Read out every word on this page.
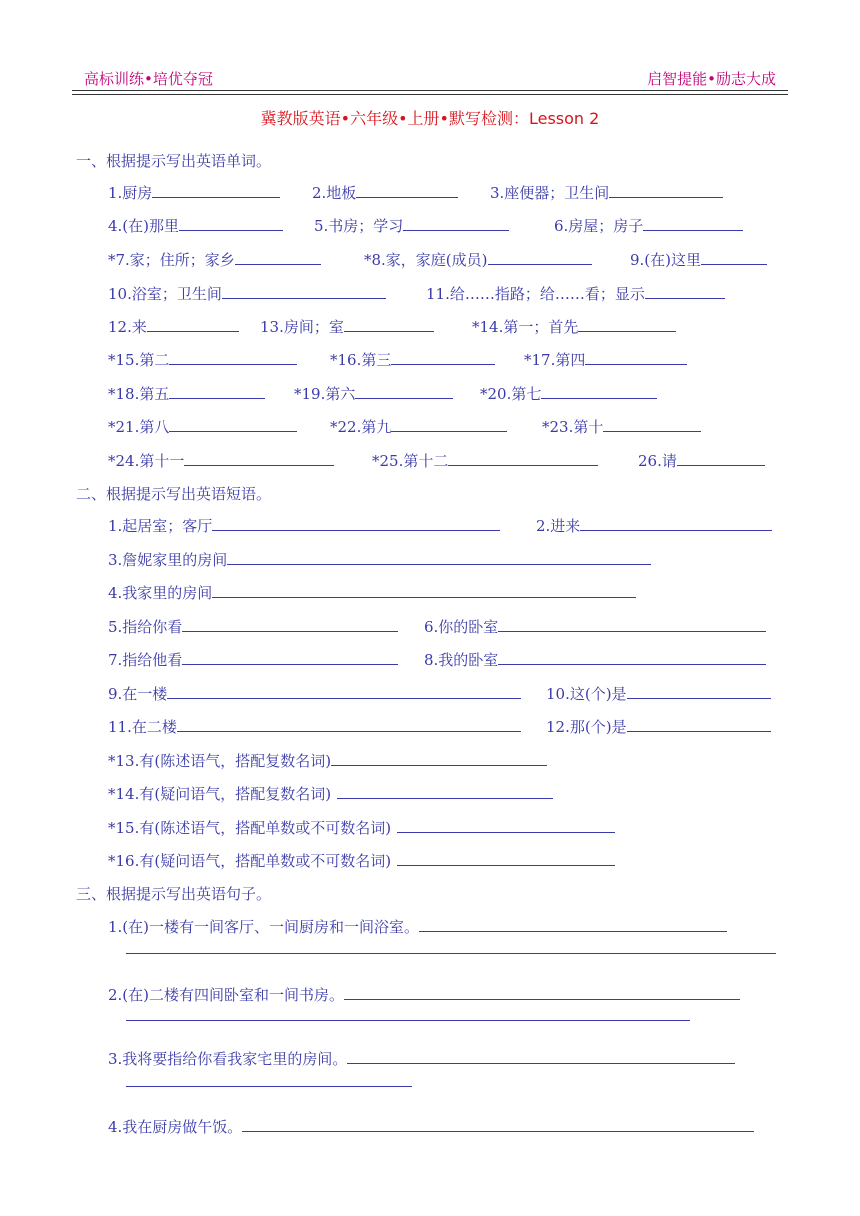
高标训练•培优夺冠	启智提能•励志大成
冀教版英语•六年级•上册•默写检测：Lesson 2
一、根据提示写出英语单词。
1.厨房	2.地板	3.座便器；卫生间
4.(在)那里	5.书房；学习	6.房屋；房子
*7.家；住所；家乡	*8.家，家庭(成员)	9.(在)这里
10.浴室；卫生间	11.给……指路；给……看；显示
12.来	13.房间；室	*14.第一；首先
*15.第二	*16.第三	*17.第四
*18.第五	*19.第六	*20.第七
*21.第八	*22.第九	*23.第十
*24.第十一	*25.第十二	26.请
二、根据提示写出英语短语。
1.起居室；客厅	2.进来
3.詹妮家里的房间
4.我家里的房间
5.指给你看	6.你的卧室
7.指给他看	8.我的卧室
9.在一楼	10.这(个)是
11.在二楼	12.那(个)是
*13.有(陈述语气，搭配复数名词)
*14.有(疑问语气，搭配复数名词)
*15.有(陈述语气，搭配单数或不可数名词)
*16.有(疑问语气，搭配单数或不可数名词)
三、根据提示写出英语句子。
1.(在)一楼有一间客厅、一间厨房和一间浴室。
2.(在)二楼有四间卧室和一间书房。
3.我将要指给你看我家宅里的房间。
4.我在厨房做午饭。
